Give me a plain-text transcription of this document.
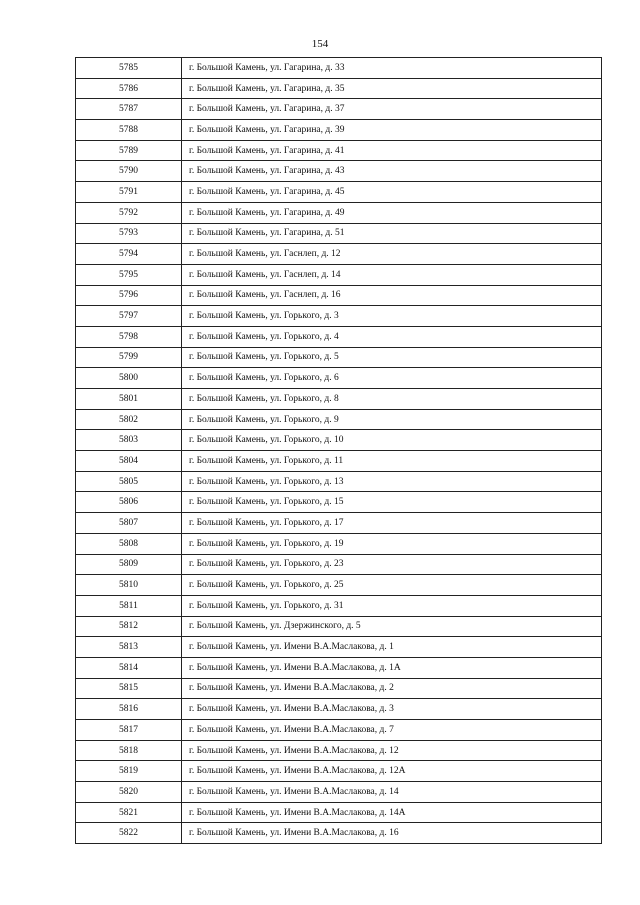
154
5785	г. Большой Камень, ул. Гагарина, д. 33
5786	г. Большой Камень, ул. Гагарина, д. 35
5787	г. Большой Камень, ул. Гагарина, д. 37
5788	г. Большой Камень, ул. Гагарина, д. 39
5789	г. Большой Камень, ул. Гагарина, д. 41
5790	г. Большой Камень, ул. Гагарина, д. 43
5791	г. Большой Камень, ул. Гагарина, д. 45
5792	г. Большой Камень, ул. Гагарина, д. 49
5793	г. Большой Камень, ул. Гагарина, д. 51
5794	г. Большой Камень, ул. Гаснлеп, д. 12
5795	г. Большой Камень, ул. Гаснлеп, д. 14
5796	г. Большой Камень, ул. Гаснлеп, д. 16
5797	г. Большой Камень, ул. Горького, д. 3
5798	г. Большой Камень, ул. Горького, д. 4
5799	г. Большой Камень, ул. Горького, д. 5
5800	г. Большой Камень, ул. Горького, д. 6
5801	г. Большой Камень, ул. Горького, д. 8
5802	г. Большой Камень, ул. Горького, д. 9
5803	г. Большой Камень, ул. Горького, д. 10
5804	г. Большой Камень, ул. Горького, д. 11
5805	г. Большой Камень, ул. Горького, д. 13
5806	г. Большой Камень, ул. Горького, д. 15
5807	г. Большой Камень, ул. Горького, д. 17
5808	г. Большой Камень, ул. Горького, д. 19
5809	г. Большой Камень, ул. Горького, д. 23
5810	г. Большой Камень, ул. Горького, д. 25
5811	г. Большой Камень, ул. Горького, д. 31
5812	г. Большой Камень, ул. Дзержинского, д. 5
5813	г. Большой Камень, ул. Имени В.А.Маслакова, д. 1
5814	г. Большой Камень, ул. Имени В.А.Маслакова, д. 1А
5815	г. Большой Камень, ул. Имени В.А.Маслакова, д. 2
5816	г. Большой Камень, ул. Имени В.А.Маслакова, д. 3
5817	г. Большой Камень, ул. Имени В.А.Маслакова, д. 7
5818	г. Большой Камень, ул. Имени В.А.Маслакова, д. 12
5819	г. Большой Камень, ул. Имени В.А.Маслакова, д. 12А
5820	г. Большой Камень, ул. Имени В.А.Маслакова, д. 14
5821	г. Большой Камень, ул. Имени В.А.Маслакова, д. 14А
5822	г. Большой Камень, ул. Имени В.А.Маслакова, д. 16
